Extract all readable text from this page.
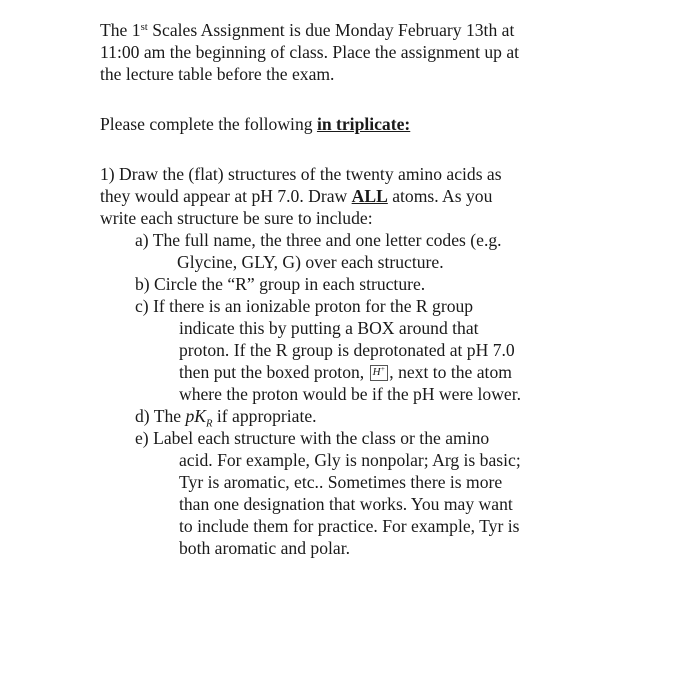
The 1st Scales Assignment is due Monday February 13th at
11:00 am the beginning of class. Place the assignment up at
the lecture table before the exam.
Please complete the following in triplicate:
1) Draw the (flat) structures of the twenty amino acids as
they would appear at pH 7.0. Draw ALL atoms. As you
write each structure be sure to include:
a) The full name, the three and one letter codes (e.g.
Glycine, GLY, G) over each structure.
b) Circle the “R” group in each structure.
c) If there is an ionizable proton for the R group
indicate this by putting a BOX around that
proton. If the R group is deprotonated at pH 7.0
then put the boxed proton, H+ , next to the atom
where the proton would be if the pH were lower.
d) The $pK_R$ if appropriate.
e) Label each structure with the class or the amino
acid. For example, Gly is nonpolar; Arg is basic;
Tyr is aromatic, etc.. Sometimes there is more
than one designation that works. You may want
to include them for practice. For example, Tyr is
both aromatic and polar.
